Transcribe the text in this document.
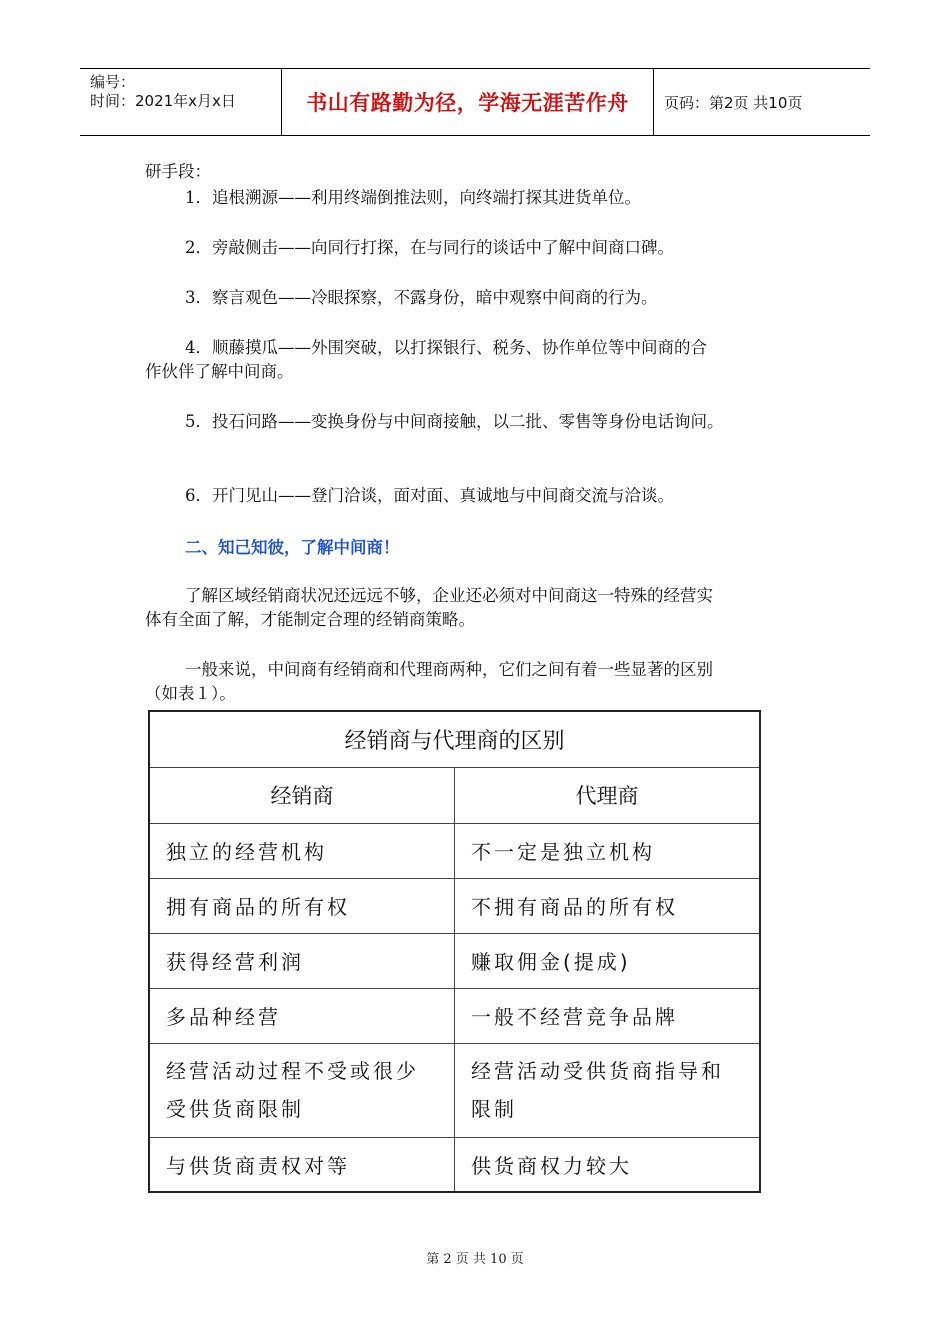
编号：
时间：2021年x月x日	书山有路勤为径，学海无涯苦作舟	页码：第2页 共10页
研手段：
1．追根溯源——利用终端倒推法则，向终端打探其进货单位。
2．旁敲侧击——向同行打探，在与同行的谈话中了解中间商口碑。
3．察言观色——冷眼探察，不露身份，暗中观察中间商的行为。
4．顺藤摸瓜——外围突破，以打探银行、税务、协作单位等中间商的合
作伙伴了解中间商。
5．投石问路——变换身份与中间商接触，以二批、零售等身份电话询问。
6．开门见山——登门洽谈，面对面、真诚地与中间商交流与洽谈。
二、知己知彼，了解中间商！
了解区域经销商状况还远远不够，企业还必须对中间商这一特殊的经营实
体有全面了解，才能制定合理的经销商策略。
一般来说，中间商有经销商和代理商两种，它们之间有着一些显著的区别
（如表１）。
经销商与代理商的区别	
经销商	代理商
独立的经营机构	不一定是独立机构
拥有商品的所有权	不拥有商品的所有权
获得经营利润	赚取佣金(提成)
多品种经营	一般不经营竞争品牌
经营活动过程不受或很少受供货商限制	经营活动受供货商指导和限制
与供货商责权对等	供货商权力较大
第 2 页 共 10 页
